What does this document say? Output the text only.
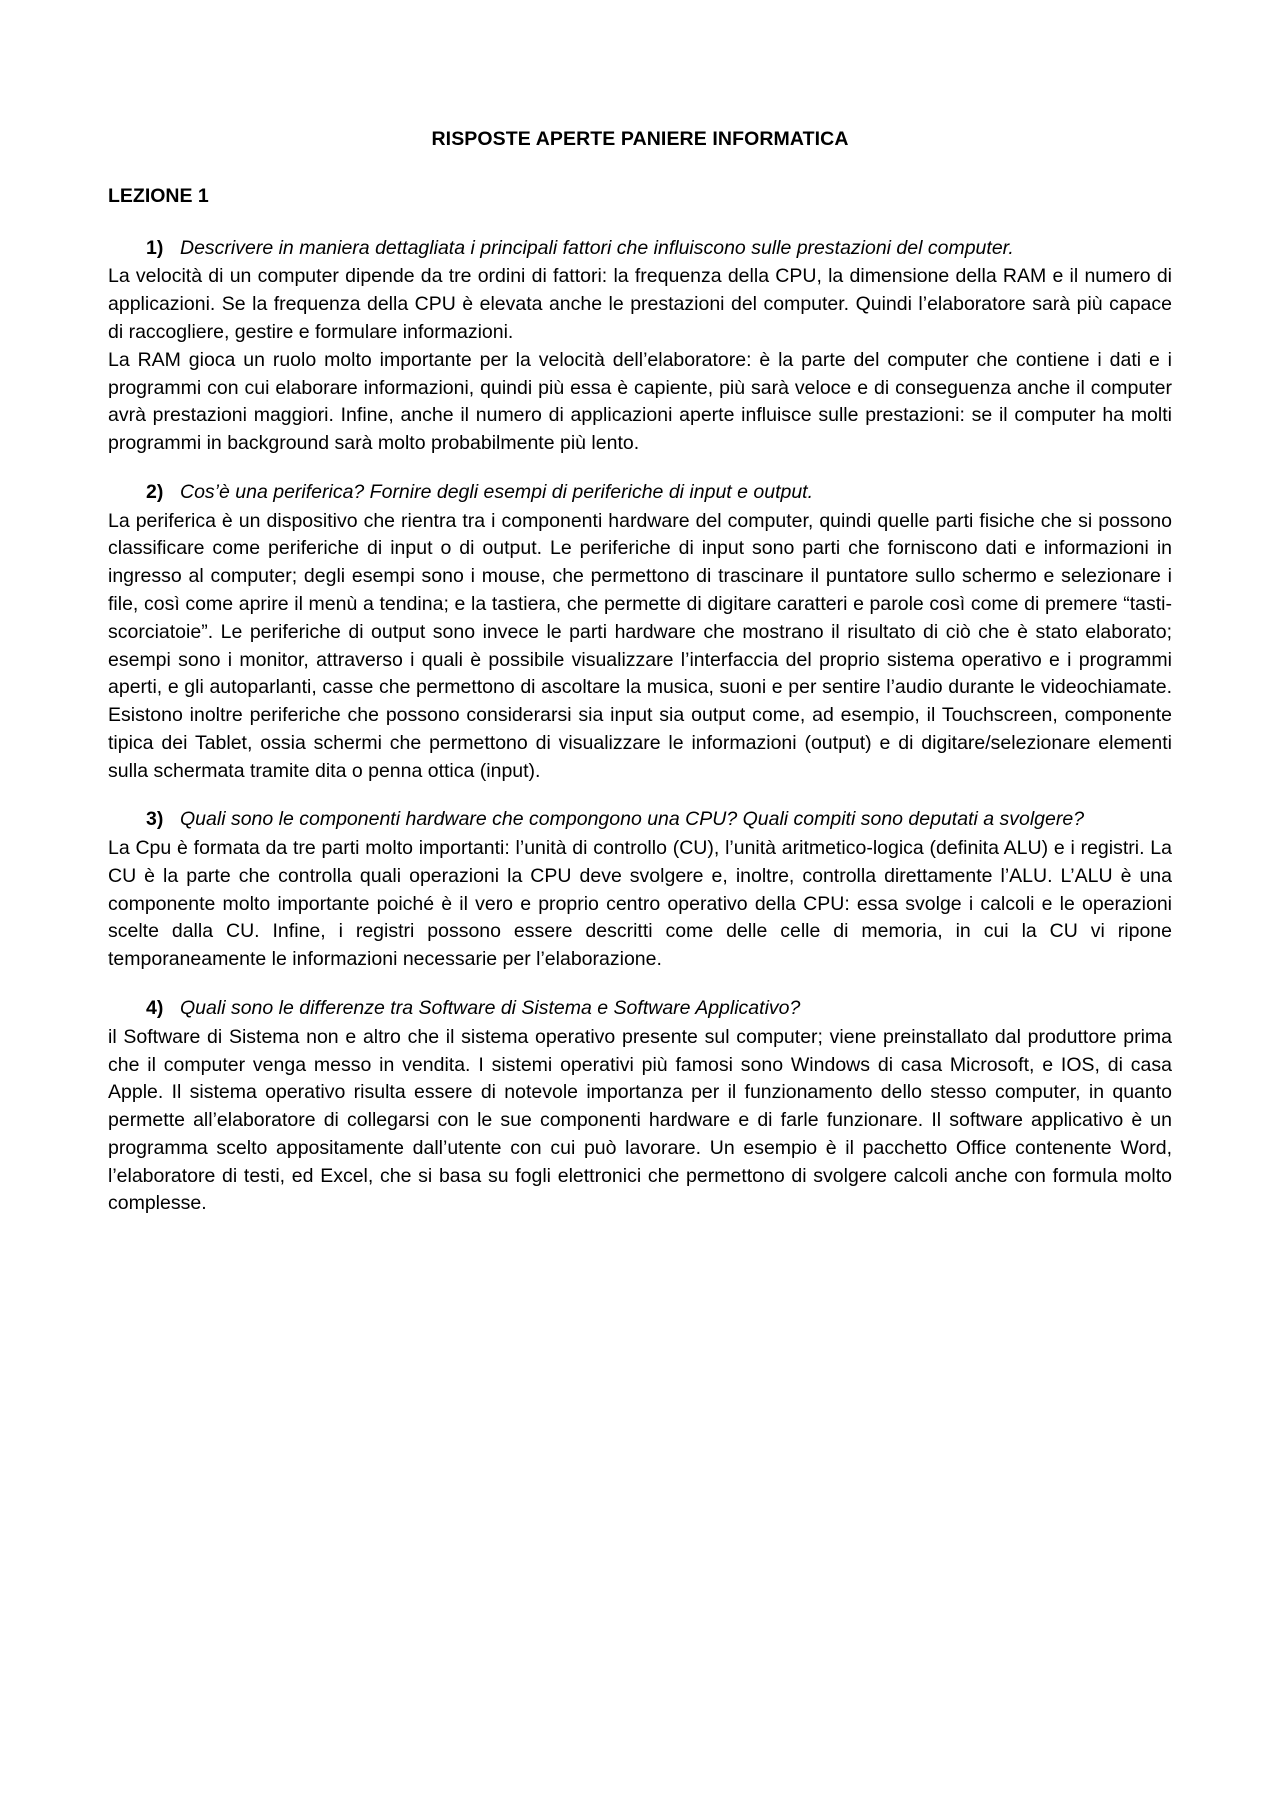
RISPOSTE APERTE PANIERE INFORMATICA
LEZIONE 1
1) Descrivere in maniera dettagliata i principali fattori che influiscono sulle prestazioni del computer.

La velocità di un computer dipende da tre ordini di fattori: la frequenza della CPU, la dimensione della RAM e il numero di applicazioni. Se la frequenza della CPU è elevata anche le prestazioni del computer. Quindi l’elaboratore sarà più capace di raccogliere, gestire e formulare informazioni.

La RAM gioca un ruolo molto importante per la velocità dell’elaboratore: è la parte del computer che contiene i dati e i programmi con cui elaborare informazioni, quindi più essa è capiente, più sarà veloce e di conseguenza anche il computer avrà prestazioni maggiori. Infine, anche il numero di applicazioni aperte influisce sulle prestazioni: se il computer ha molti programmi in background sarà molto probabilmente più lento.

2) Cos’è una periferica? Fornire degli esempi di periferiche di input e output.

La periferica è un dispositivo che rientra tra i componenti hardware del computer, quindi quelle parti fisiche che si possono classificare come periferiche di input o di output. Le periferiche di input sono parti che forniscono dati e informazioni in ingresso al computer; degli esempi sono i mouse, che permettono di trascinare il puntatore sullo schermo e selezionare i file, così come aprire il menù a tendina; e la tastiera, che permette di digitare caratteri e parole così come di premere “tasti-scorciatoie”. Le periferiche di output sono invece le parti hardware che mostrano il risultato di ciò che è stato elaborato; esempi sono i monitor, attraverso i quali è possibile visualizzare l’interfaccia del proprio sistema operativo e i programmi aperti, e gli autoparlanti, casse che permettono di ascoltare la musica, suoni e per sentire l’audio durante le videochiamate. Esistono inoltre periferiche che possono considerarsi sia input sia output come, ad esempio, il Touchscreen, componente tipica dei Tablet, ossia schermi che permettono di visualizzare le informazioni (output) e di digitare/selezionare elementi sulla schermata tramite dita o penna ottica (input).

3) Quali sono le componenti hardware che compongono una CPU? Quali compiti sono deputati a svolgere?

La Cpu è formata da tre parti molto importanti: l’unità di controllo (CU), l’unità aritmetico-logica (definita ALU) e i registri. La CU è la parte che controlla quali operazioni la CPU deve svolgere e, inoltre, controlla direttamente l’ALU. L’ALU è una componente molto importante poiché è il vero e proprio centro operativo della CPU: essa svolge i calcoli e le operazioni scelte dalla CU. Infine, i registri possono essere descritti come delle celle di memoria, in cui la CU vi ripone temporaneamente le informazioni necessarie per l’elaborazione.

4) Quali sono le differenze tra Software di Sistema e Software Applicativo?

il Software di Sistema non e altro che il sistema operativo presente sul computer; viene preinstallato dal produttore prima che il computer venga messo in vendita. I sistemi operativi più famosi sono Windows di casa Microsoft, e IOS, di casa Apple. Il sistema operativo risulta essere di notevole importanza per il funzionamento dello stesso computer, in quanto permette all’elaboratore di collegarsi con le sue componenti hardware e di farle funzionare. Il software applicativo è un programma scelto appositamente dall’utente con cui può lavorare. Un esempio è il pacchetto Office contenente Word, l’elaboratore di testi, ed Excel, che si basa su fogli elettronici che permettono di svolgere calcoli anche con formula molto complesse.
